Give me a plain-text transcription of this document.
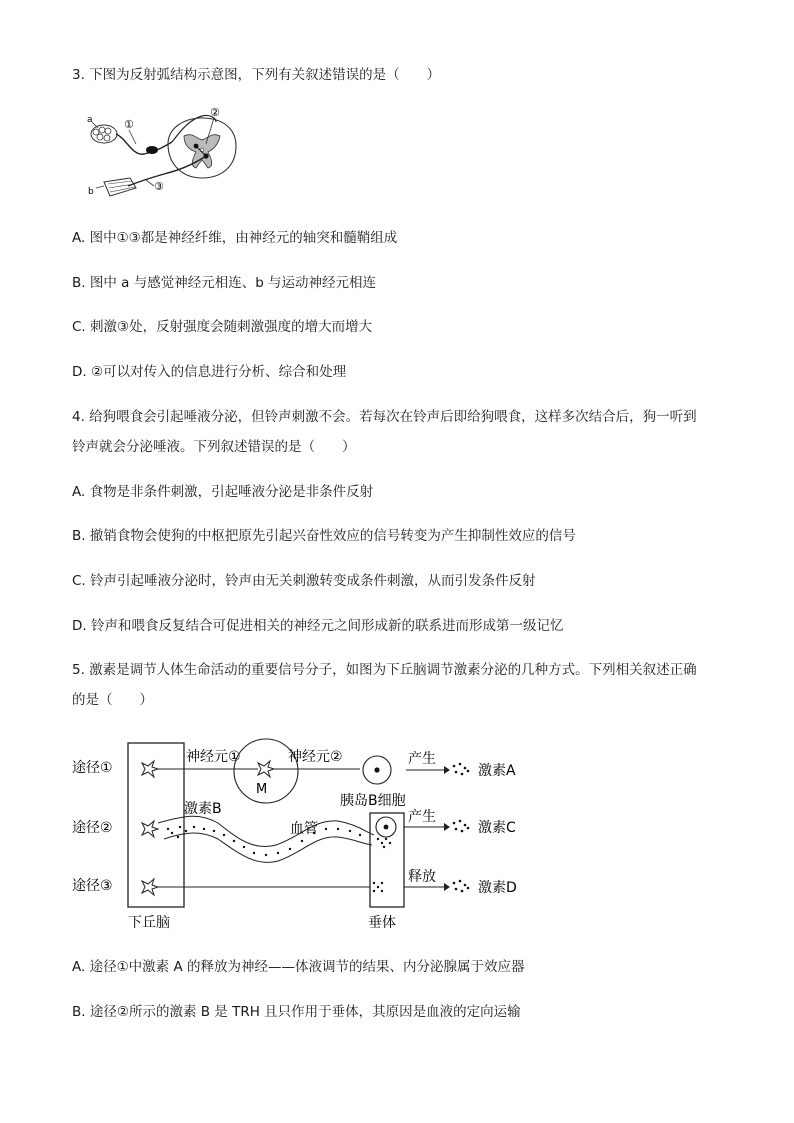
3. 下图为反射弧结构示意图，下列有关叙述错误的是（　　）
a	①
②
③
b
A. 图中①③都是神经纤维，由神经元的轴突和髓鞘组成
B. 图中 a 与感觉神经元相连、b 与运动神经元相连
C. 刺激③处，反射强度会随刺激强度的增大而增大
D. ②可以对传入的信息进行分析、综合和处理
4. 给狗喂食会引起唾液分泌，但铃声刺激不会。若每次在铃声后即给狗喂食，这样多次结合后，狗一听到
铃声就会分泌唾液。下列叙述错误的是（　　）
A. 食物是非条件刺激，引起唾液分泌是非条件反射
B. 撤销食物会使狗的中枢把原先引起兴奋性效应的信号转变为产生抑制性效应的信号
C. 铃声引起唾液分泌时，铃声由无关刺激转变成条件刺激，从而引发条件反射
D. 铃声和喂食反复结合可促进相关的神经元之间形成新的联系进而形成第一级记忆
5. 激素是调节人体生命活动的重要信号分子，如图为下丘脑调节激素分泌的几种方式。下列相关叙述正确
的是（　　）
途径①
途径②
途径③
神经元①
M
神经元②
胰岛B细胞
产生
激素A
激素B
血管
产生
激素C
释放
激素D
下丘脑	垂体
A. 途径①中激素 A 的释放为神经——体液调节的结果、内分泌腺属于效应器
B. 途径②所示的激素 B 是 TRH 且只作用于垂体，其原因是血液的定向运输
